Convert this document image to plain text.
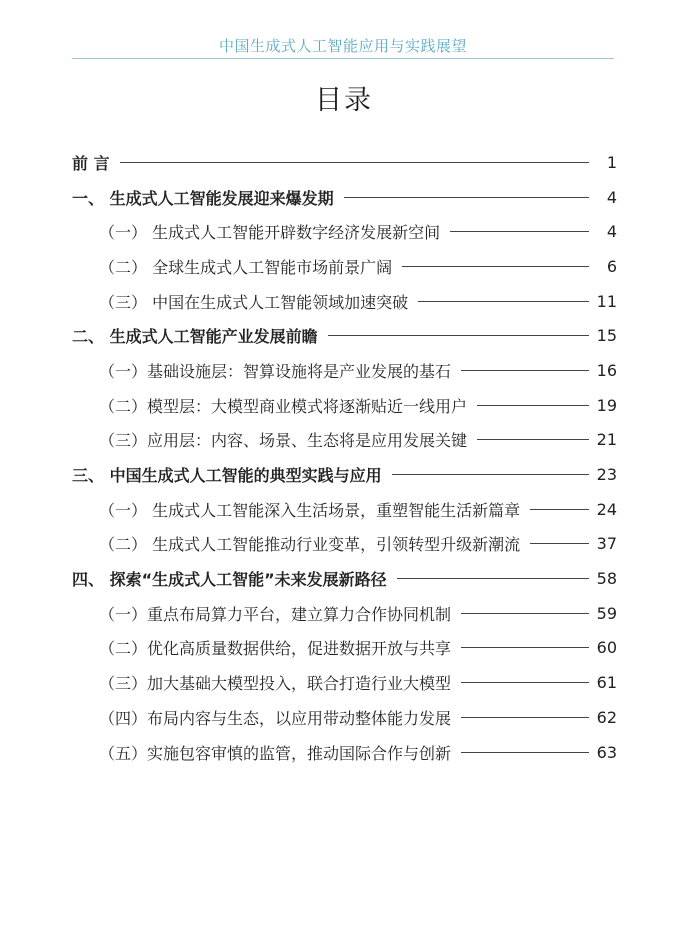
中国生成式人工智能应用与实践展望
目录
前 言	1
一、 生成式人工智能发展迎来爆发期	4
（一） 生成式人工智能开辟数字经济发展新空间	4
（二） 全球生成式人工智能市场前景广阔	6
（三） 中国在生成式人工智能领域加速突破	11
二、 生成式人工智能产业发展前瞻	15
（一）基础设施层：智算设施将是产业发展的基石	16
（二）模型层：大模型商业模式将逐渐贴近一线用户	19
（三）应用层：内容、场景、生态将是应用发展关键	21
三、 中国生成式人工智能的典型实践与应用	23
（一） 生成式人工智能深入生活场景，重塑智能生活新篇章	24
（二） 生成式人工智能推动行业变革，引领转型升级新潮流	37
四、 探索“生成式人工智能”未来发展新路径	58
（一）重点布局算力平台，建立算力合作协同机制	59
（二）优化高质量数据供给，促进数据开放与共享	60
（三）加大基础大模型投入，联合打造行业大模型	61
（四）布局内容与生态，以应用带动整体能力发展	62
（五）实施包容审慎的监管，推动国际合作与创新	63
